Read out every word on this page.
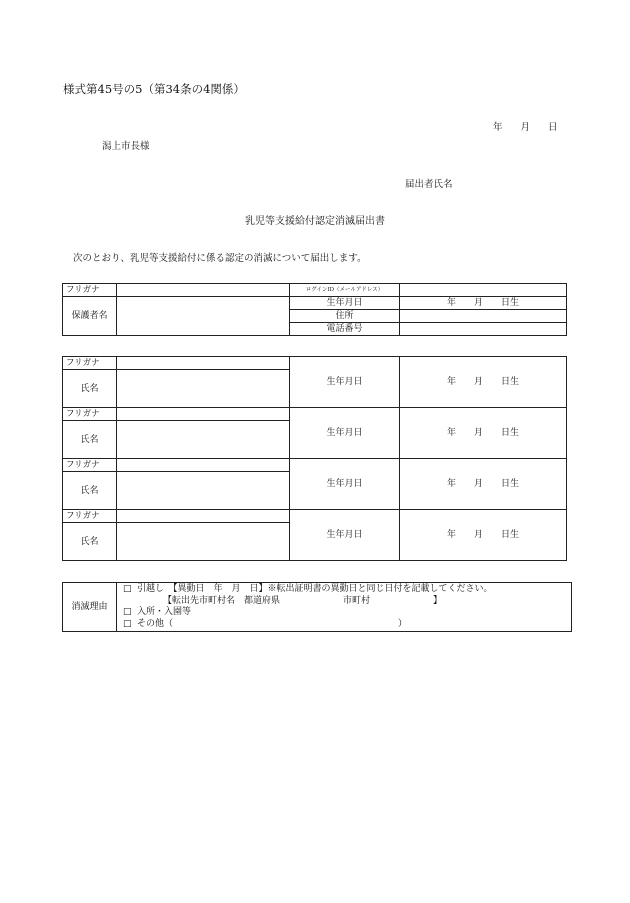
様式第45号の5（第34条の4関係）
年 月 日
潟上市長様
届出者氏名
乳児等支援給付認定消滅届出書
次のとおり、乳児等支援給付に係る認定の消滅について届出します。
フリガナ		ログインID（メールアドレス）	
保護者名		生年月日	年　　月　　日生
		住所	
		電話番号	
フリガナ		生年月日	年　　月　　日生
氏名			
フリガナ		生年月日	年　　月　　日生
氏名			
フリガナ		生年月日	年　　月　　日生
氏名			
フリガナ		生年月日	年　　月　　日生
氏名			
消滅理由	
□ 引越し　【異動日　年　月　日】※転出証明書の異動日と同じ日付を記載してください。
【転出先市町村名　都道府県　　　　　　　市町村　　　　　　　】
□ 入所・入園等
□ その他（　　　　　　　　　　　　　　　　　　　　　　　　　）
